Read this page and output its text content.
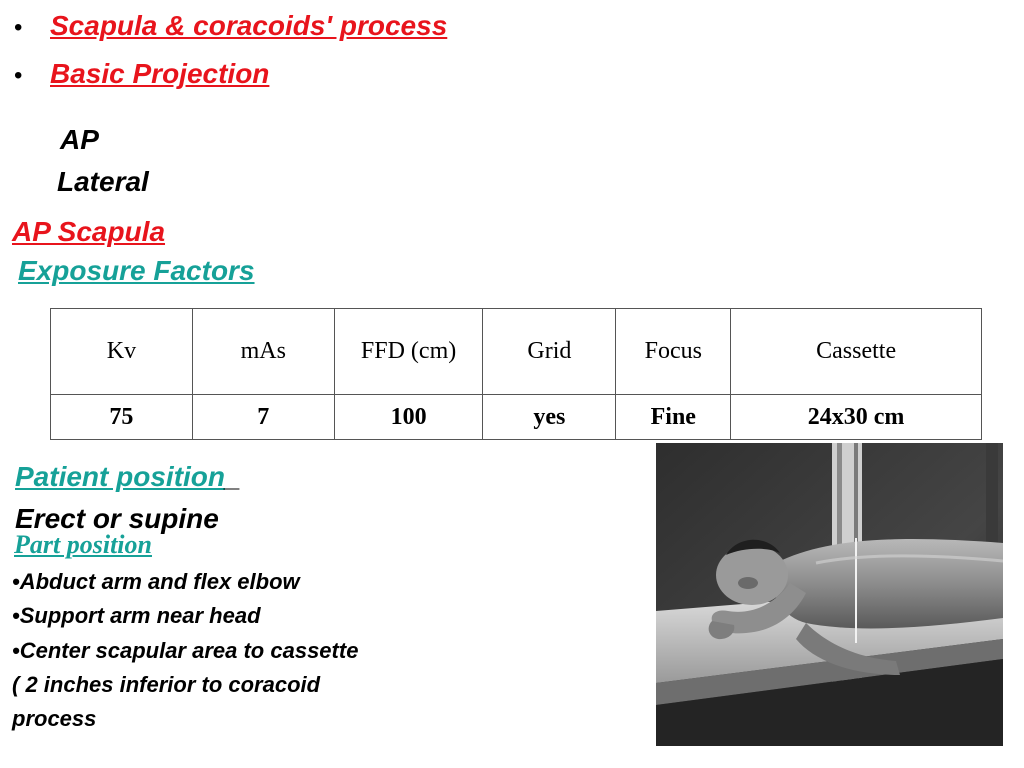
• Scapula & coracoids' process
• Basic Projection
AP
Lateral
AP Scapula
Exposure Factors
Kv	mAs	FFD (cm)	Grid	Focus	Cassette
75	7	100	yes	Fine	24x30 cm
Patient position_
Erect or supine
Part position
•Abduct arm and flex elbow
•Support arm near head
•Center scapular area to cassette
( 2 inches inferior to coracoid
process
